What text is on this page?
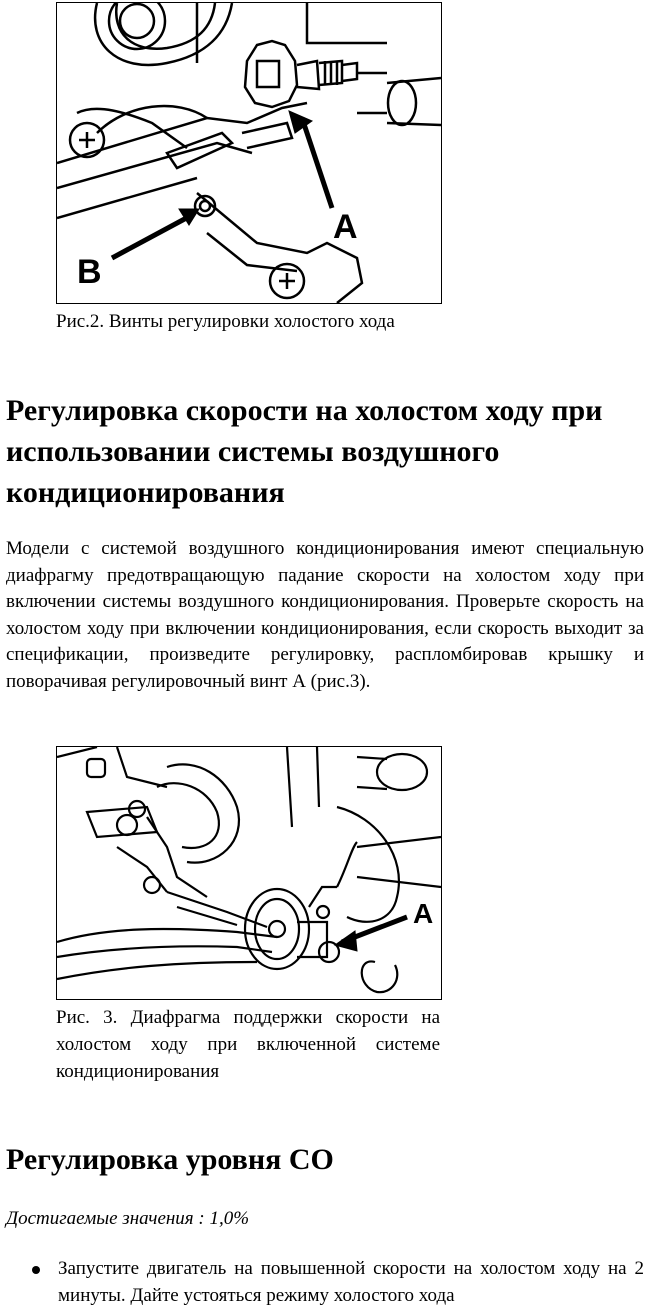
A
B
Рис.2. Винты регулировки холостого хода
Регулировка скорости на холостом ходу при использовании системы воздушного кондиционирования

Модели с системой воздушного кондиционирования имеют специальную диафрагму предотвращающую падание скорости на холостом ходу при включении системы воздушного кондиционирования. Проверьте скорость на холостом ходу при включении кондиционирования, если скорость выходит за спецификации, произведите регулировку, распломбировав крышку и поворачивая регулировочный винт А (рис.3).

A
Рис. 3. Диафрагма поддержки скорости на холостом ходу при включенной системе кондиционирования
Регулировка уровня СО

Достигаемые значения : 1,0%

Запустите двигатель на повышенной скорости на холостом ходу на 2 минуты. Дайте устояться режиму холостого хода
